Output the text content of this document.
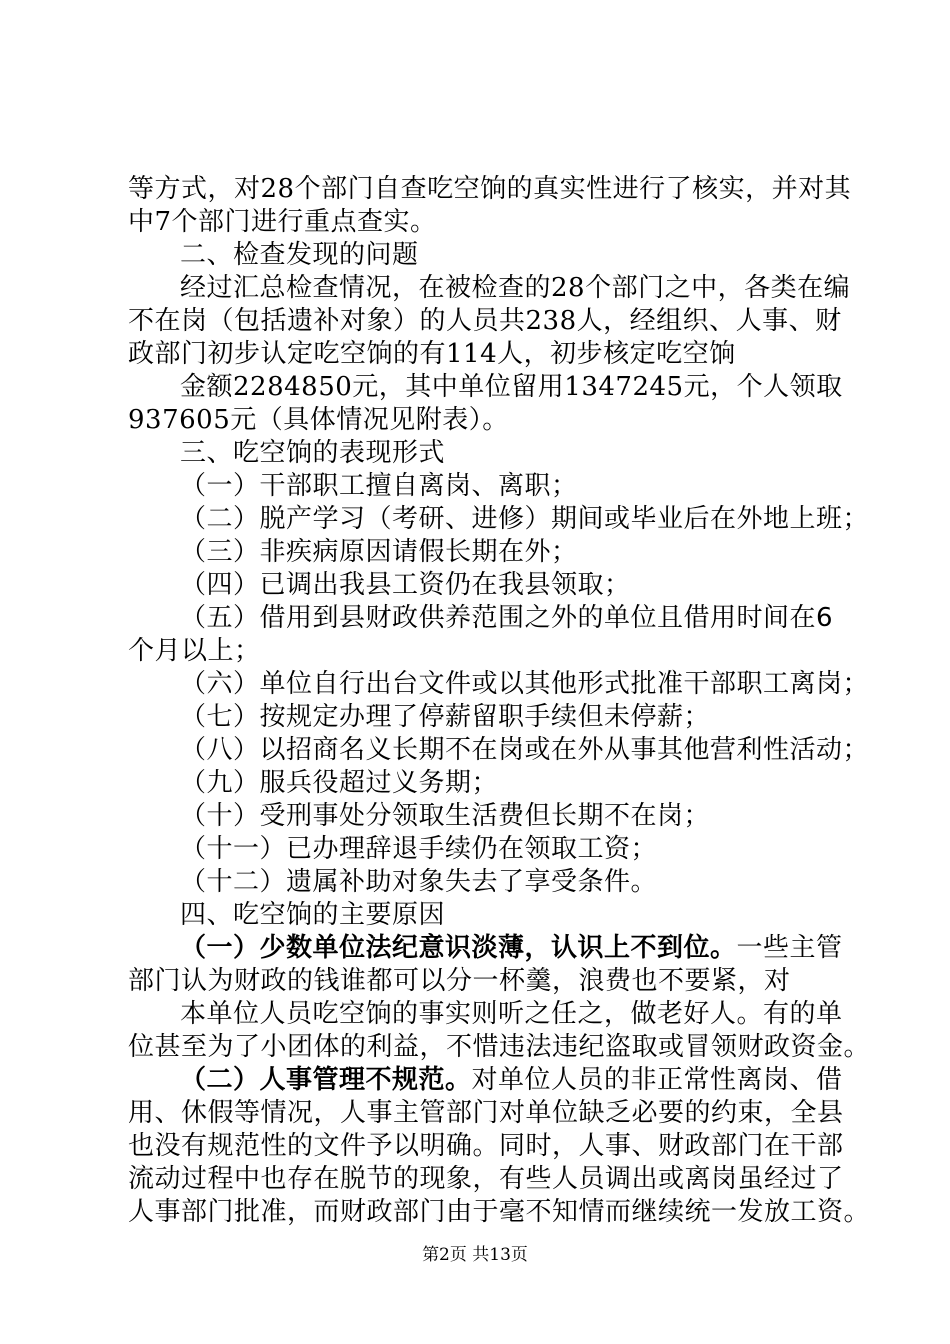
等方式，对28个部门自查吃空饷的真实性进行了核实，并对其
中7个部门进行重点查实。
二、检查发现的问题
经过汇总检查情况，在被检查的28个部门之中，各类在编
不在岗（包括遗补对象）的人员共238人，经组织、人事、财
政部门初步认定吃空饷的有114人，初步核定吃空饷
金额2284850元，其中单位留用1347245元，个人领取
937605元（具体情况见附表）。
三、吃空饷的表现形式
（一）干部职工擅自离岗、离职；
（二）脱产学习（考研、进修）期间或毕业后在外地上班；
（三）非疾病原因请假长期在外；
（四）已调出我县工资仍在我县领取；
（五）借用到县财政供养范围之外的单位且借用时间在6
个月以上；
（六）单位自行出台文件或以其他形式批准干部职工离岗；
（七）按规定办理了停薪留职手续但未停薪；
（八）以招商名义长期不在岗或在外从事其他营利性活动；
（九）服兵役超过义务期；
（十）受刑事处分领取生活费但长期不在岗；
（十一）已办理辞退手续仍在领取工资；
（十二）遗属补助对象失去了享受条件。
四、吃空饷的主要原因
（一）少数单位法纪意识淡薄，认识上不到位。一些主管
部门认为财政的钱谁都可以分一杯羹，浪费也不要紧，对
本单位人员吃空饷的事实则听之任之，做老好人。有的单
位甚至为了小团体的利益，不惜违法违纪盗取或冒领财政资金。
（二）人事管理不规范。对单位人员的非正常性离岗、借
用、休假等情况，人事主管部门对单位缺乏必要的约束，全县
也没有规范性的文件予以明确。同时，人事、财政部门在干部
流动过程中也存在脱节的现象，有些人员调出或离岗虽经过了
人事部门批准，而财政部门由于毫不知情而继续统一发放工资。
第2页 共13页
